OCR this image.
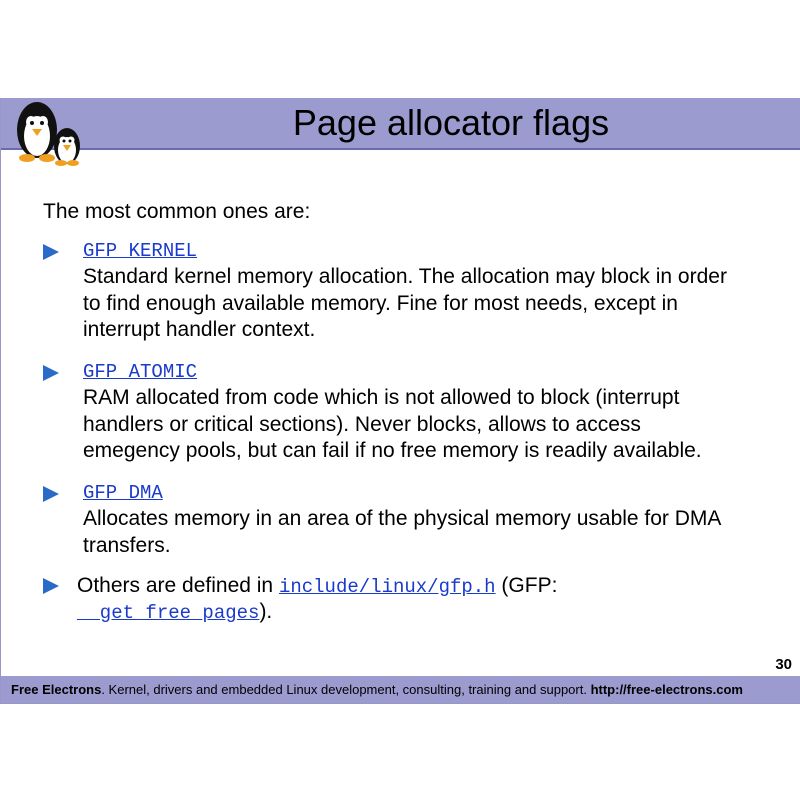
Page allocator flags
The most common ones are:
GFP_KERNEL
Standard kernel memory allocation. The allocation may block in order
to find enough available memory. Fine for most needs, except in
interrupt handler context.
GFP_ATOMIC
RAM allocated from code which is not allowed to block (interrupt
handlers or critical sections). Never blocks, allows to access
emegency pools, but can fail if no free memory is readily available.
GFP_DMA
Allocates memory in an area of the physical memory usable for DMA
transfers.
Others are defined in include/linux/gfp.h (GFP:
__get_free_pages).
30
Free Electrons. Kernel, drivers and embedded Linux development, consulting, training and support. http://free-electrons.com
